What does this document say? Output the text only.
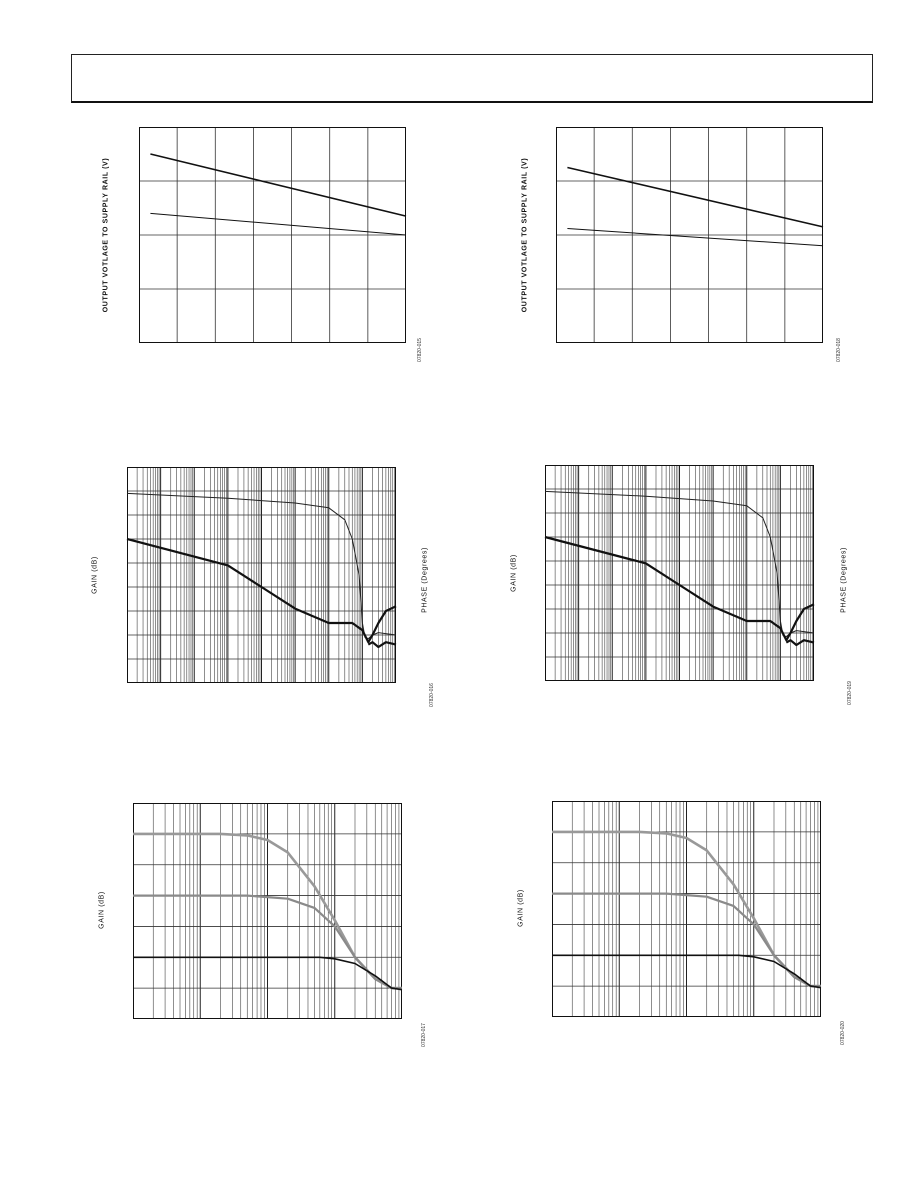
OUTPUT VOTLAGE TO SUPPLY RAIL (V)
07820-015
OUTPUT VOTLAGE TO SUPPLY RAIL (V)
07820-018
GAIN (dB)	PHASE (Degrees)
07820-016
GAIN (dB)	PHASE (Degrees)
07820-019
GAIN (dB)
07820-017
GAIN (dB)
07820-020
